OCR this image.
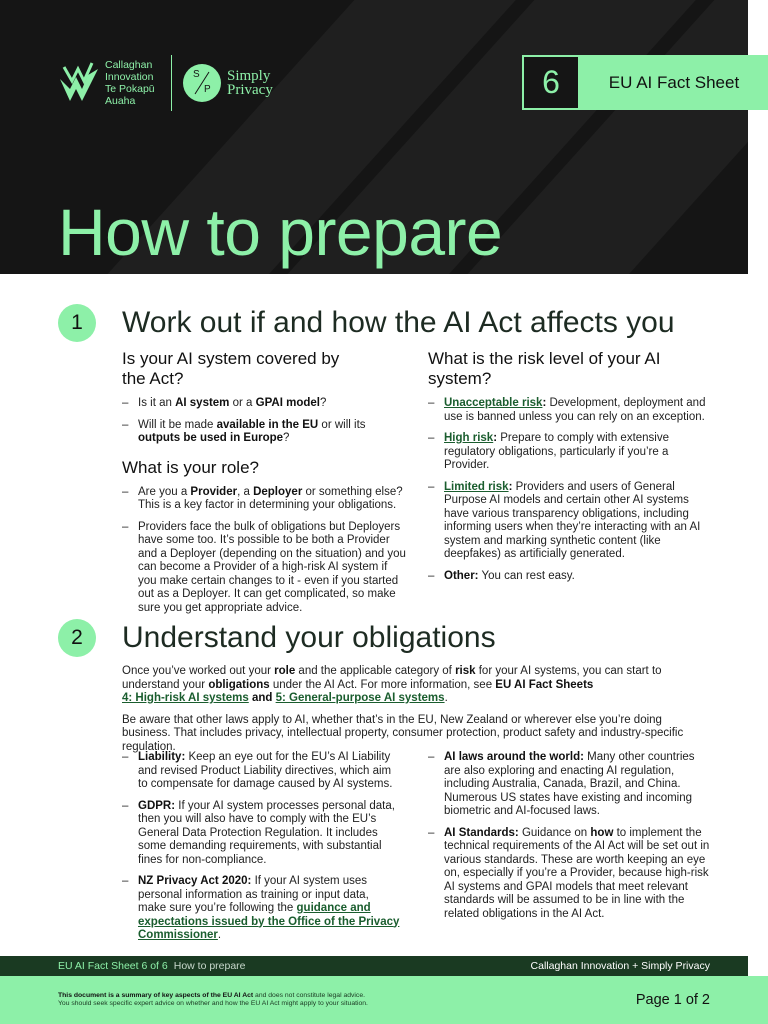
Callaghan
Innovation
Te Pokapū
Auaha
S
P
Simply
Privacy
How to prepare
6	EU AI Fact Sheet
1	Work out if and how the AI Act affects you
Is your AI system covered by the Act?
– Is it an AI system or a GPAI model?
– Will it be made available in the EU or will its outputs be used in Europe?
What is your role?
– Are you a Provider, a Deployer or something else? This is a key factor in determining your obligations.
– Providers face the bulk of obligations but Deployers have some too. It’s possible to be both a Provider and a Deployer (depending on the situation) and you can become a Provider of a high-risk AI system if you make certain changes to it - even if you started out as a Deployer. It can get complicated, so make sure you get appropriate advice.
What is the risk level of your AI system?
– Unacceptable risk: Development, deployment and use is banned unless you can rely on an exception.
– High risk: Prepare to comply with extensive regulatory obligations, particularly if you’re a Provider.
– Limited risk: Providers and users of General Purpose AI models and certain other AI systems have various transparency obligations, including informing users when they’re interacting with an AI system and marking synthetic content (like deepfakes) as artificially generated.
– Other: You can rest easy.
2	Understand your obligations

Once you’ve worked out your role and the applicable category of risk for your AI systems, you can start to understand your obligations under the AI Act. For more information, see EU AI Fact Sheets
4: High-risk AI systems and 5: General-purpose AI systems.

Be aware that other laws apply to AI, whether that’s in the EU, New Zealand or wherever else you’re doing business. That includes privacy, intellectual property, consumer protection, product safety and industry-specific regulation.

– Liability: Keep an eye out for the EU’s AI Liability and revised Product Liability directives, which aim to compensate for damage caused by AI systems.
– GDPR: If your AI system processes personal data, then you will also have to comply with the EU’s General Data Protection Regulation. It includes some demanding requirements, with substantial fines for non-compliance.
– NZ Privacy Act 2020: If your AI system uses personal information as training or input data, make sure you’re following the guidance and expectations issued by the Office of the Privacy Commissioner.
– AI laws around the world: Many other countries are also exploring and enacting AI regulation, including Australia, Canada, Brazil, and China. Numerous US states have existing and incoming biometric and AI-focused laws.
– AI Standards: Guidance on how to implement the technical requirements of the AI Act will be set out in various standards. These are worth keeping an eye on, especially if you’re a Provider, because high-risk AI systems and GPAI models that meet relevant standards will be assumed to be in line with the related obligations in the AI Act.
EU AI Fact Sheet 6 of 6 How to prepare	Callaghan Innovation + Simply Privacy
This document is a summary of key aspects of the EU AI Act and does not constitute legal advice.
You should seek specific expert advice on whether and how the EU AI Act might apply to your situation.	Page 1 of 2
